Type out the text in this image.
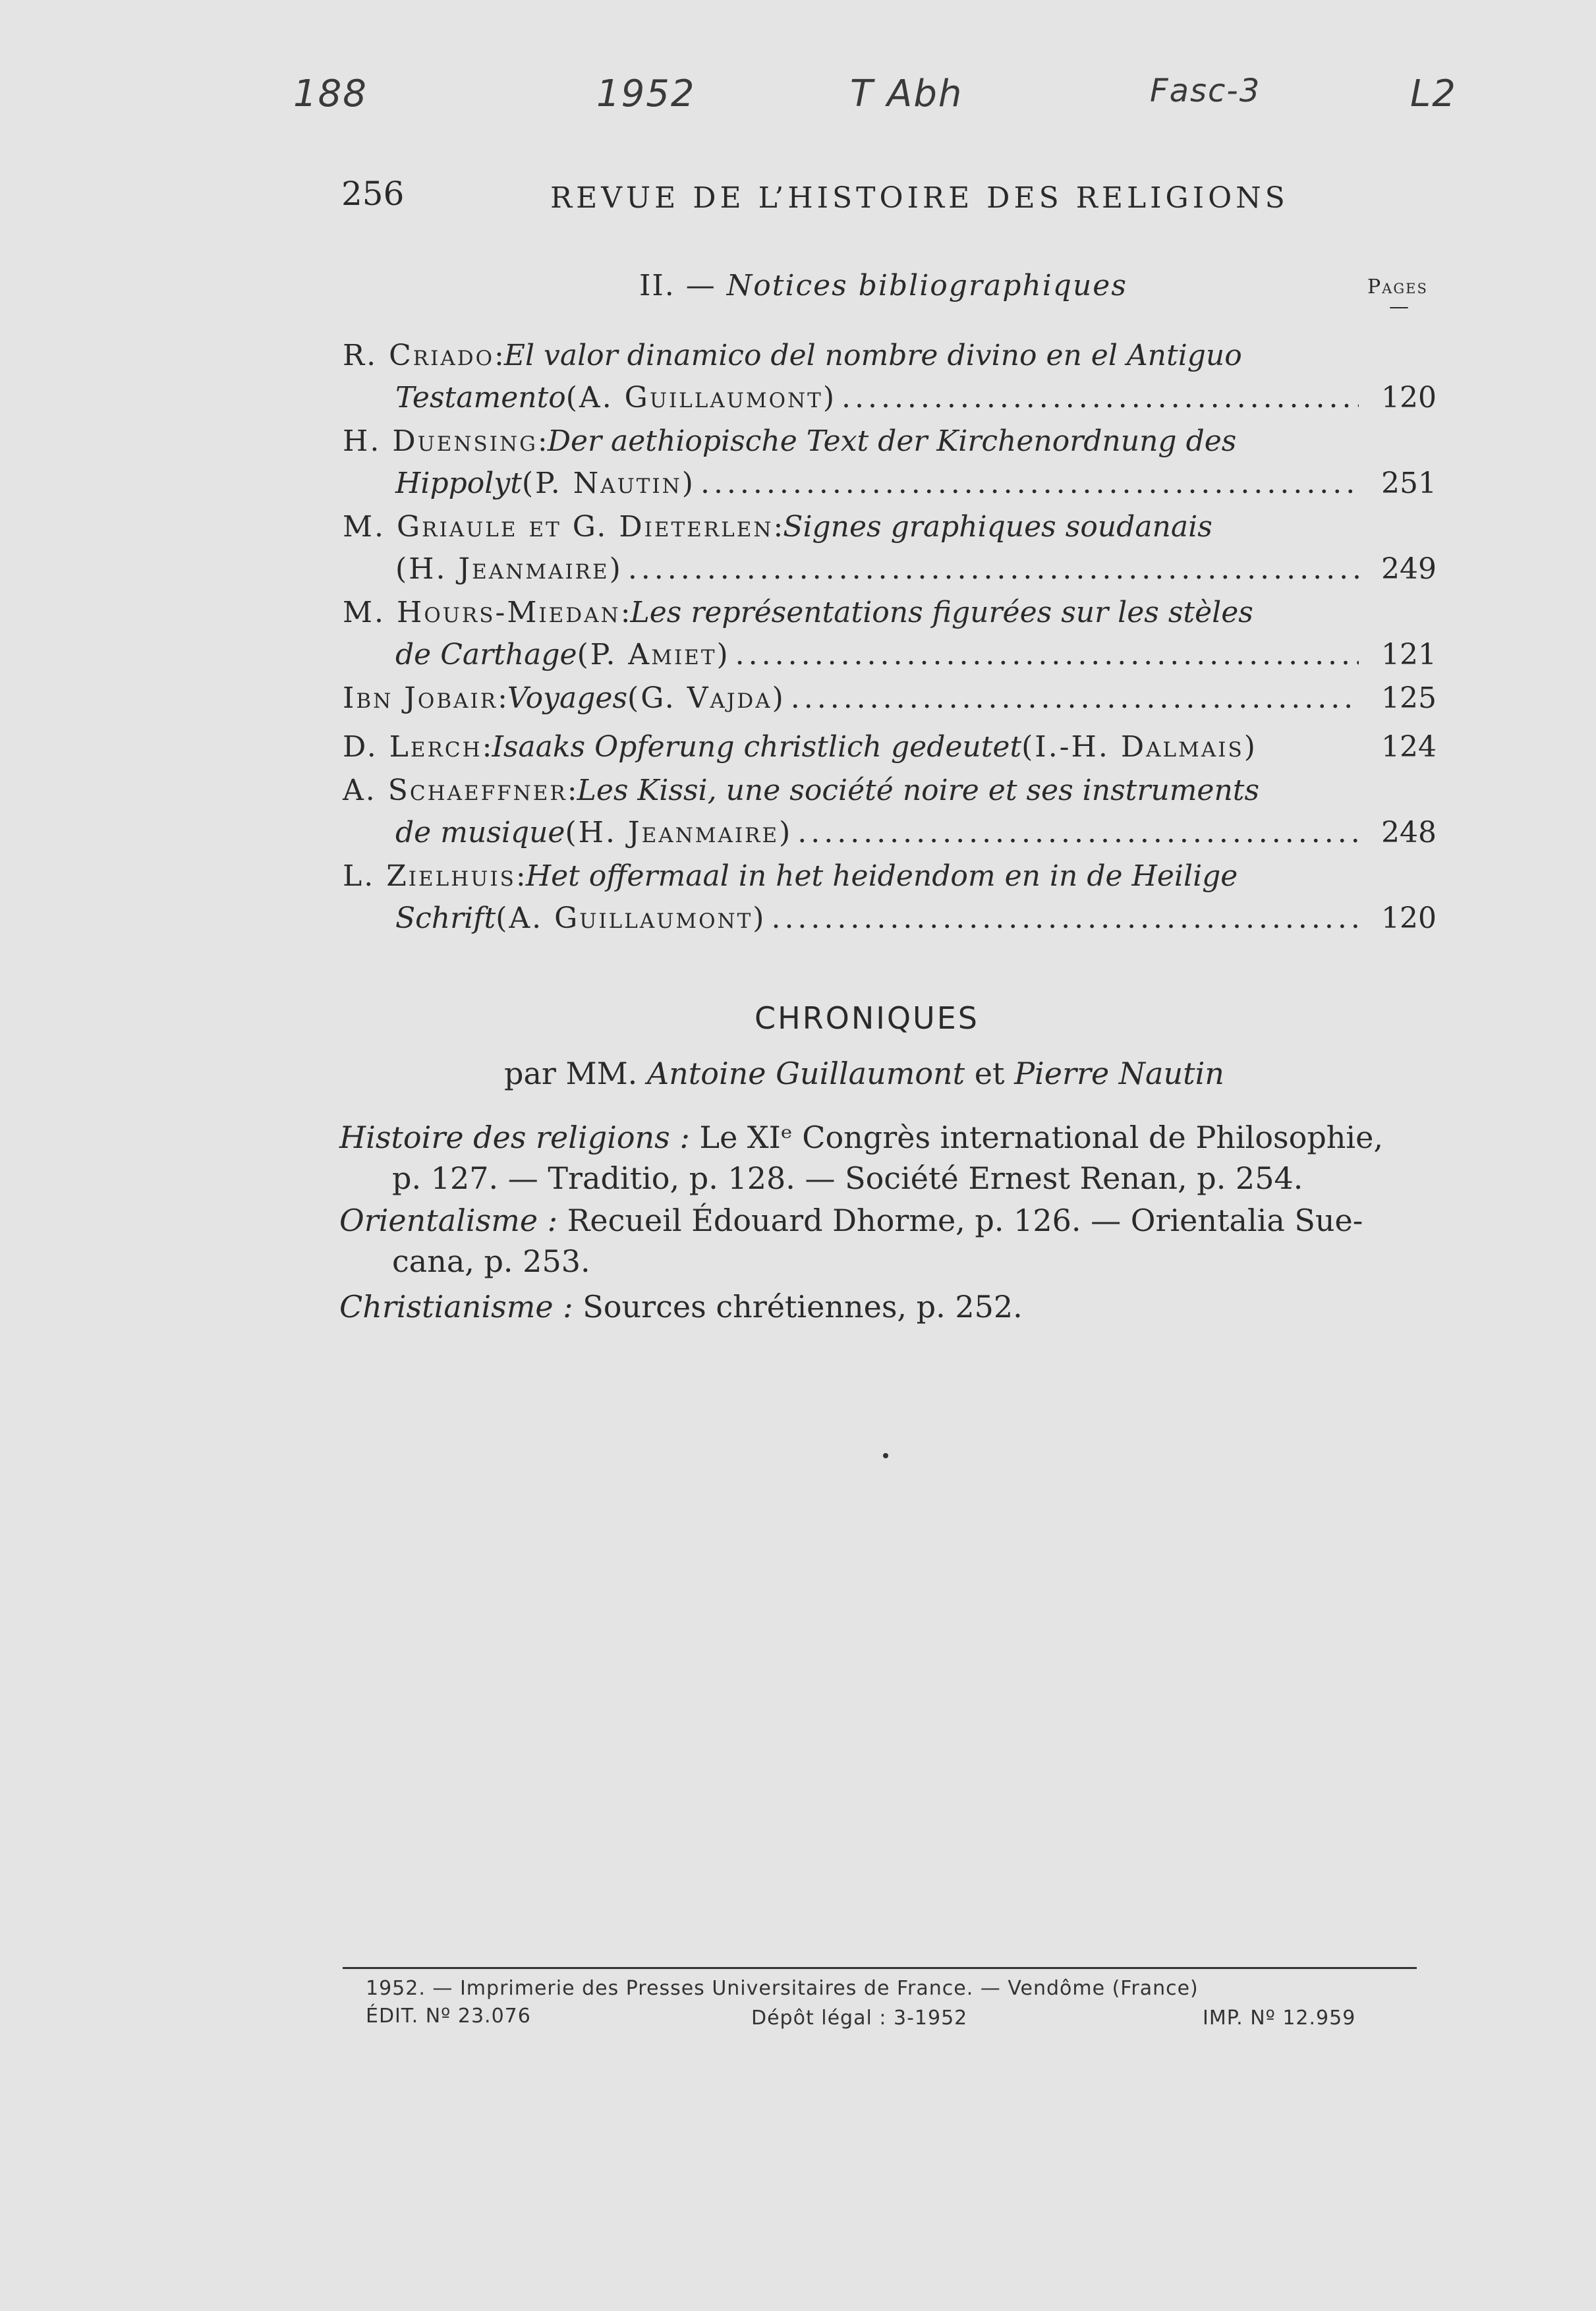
188	1952	T Abh	Fasc-3	L2
256	REVUE DE L’HISTOIRE DES RELIGIONS
II. — Notices bibliographiques	Pages
—
R. Criado : El valor dinamico del nombre divino en el Antiguo
Testamento (A. Guillaumont) .....	120
H. Duensing : Der aethiopische Text der Kirchenordnung des
Hippolyt (P. Nautin) .....	251
M. Griaule et G. Dieterlen : Signes graphiques soudanais
(H. Jeanmaire) .....	249
M. Hours-Miedan : Les représentations figurées sur les stèles
de Carthage (P. Amiet) .....	121
Ibn Jobair : Voyages (G. Vajda) .....	125
D. Lerch : Isaaks Opferung christlich gedeutet (I.-H. Dalmais)	124
A. Schaeffner : Les Kissi, une société noire et ses instruments
de musique (H. Jeanmaire) .....	248
L. Zielhuis : Het offermaal in het heidendom en in de Heilige
Schrift (A. Guillaumont) .....	120
CHRONIQUES
par MM. Antoine Guillaumont et Pierre Nautin
Histoire des religions : Le XIᵉ Congrès international de Philosophie,
p. 127. — Traditio, p. 128. — Société Ernest Renan, p. 254.
Orientalisme : Recueil Édouard Dhorme, p. 126. — Orientalia Sue-
cana, p. 253.
Christianisme : Sources chrétiennes, p. 252.
1952. — Imprimerie des Presses Universitaires de France. — Vendôme (France)
ÉDIT. Nº 23.076	Dépôt légal : 3-1952	IMP. Nº 12.959
